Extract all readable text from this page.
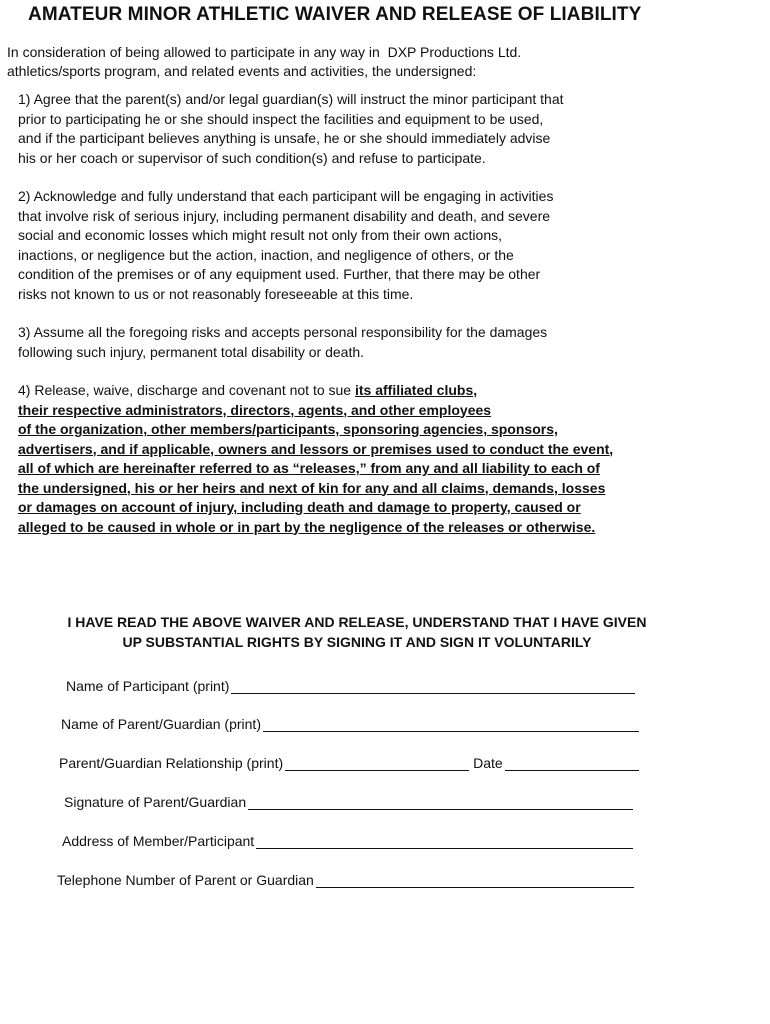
AMATEUR MINOR ATHLETIC WAIVER AND RELEASE OF LIABILITY
In consideration of being allowed to participate in any way in DXP Productions Ltd.
athletics/sports program, and related events and activities, the undersigned:
1) Agree that the parent(s) and/or legal guardian(s) will instruct the minor participant that
prior to participating he or she should inspect the facilities and equipment to be used,
and if the participant believes anything is unsafe, he or she should immediately advise
his or her coach or supervisor of such condition(s) and refuse to participate.
2) Acknowledge and fully understand that each participant will be engaging in activities
that involve risk of serious injury, including permanent disability and death, and severe
social and economic losses which might result not only from their own actions,
inactions, or negligence but the action, inaction, and negligence of others, or the
condition of the premises or of any equipment used. Further, that there may be other
risks not known to us or not reasonably foreseeable at this time.
3) Assume all the foregoing risks and accepts personal responsibility for the damages
following such injury, permanent total disability or death.
4) Release, waive, discharge and covenant not to sue its affiliated clubs,
their respective administrators, directors, agents, and other employees
of the organization, other members/participants, sponsoring agencies, sponsors,
advertisers, and if applicable, owners and lessors or premises used to conduct the event,
all of which are hereinafter referred to as “releases,” from any and all liability to each of
the undersigned, his or her heirs and next of kin for any and all claims, demands, losses
or damages on account of injury, including death and damage to property, caused or
alleged to be caused in whole or in part by the negligence of the releases or otherwise.
I HAVE READ THE ABOVE WAIVER AND RELEASE, UNDERSTAND THAT I HAVE GIVEN
UP SUBSTANTIAL RIGHTS BY SIGNING IT AND SIGN IT VOLUNTARILY
Name of Participant (print)
Name of Parent/Guardian (print)
Parent/Guardian Relationship (print)	Date
Signature of Parent/Guardian
Address of Member/Participant
Telephone Number of Parent or Guardian
